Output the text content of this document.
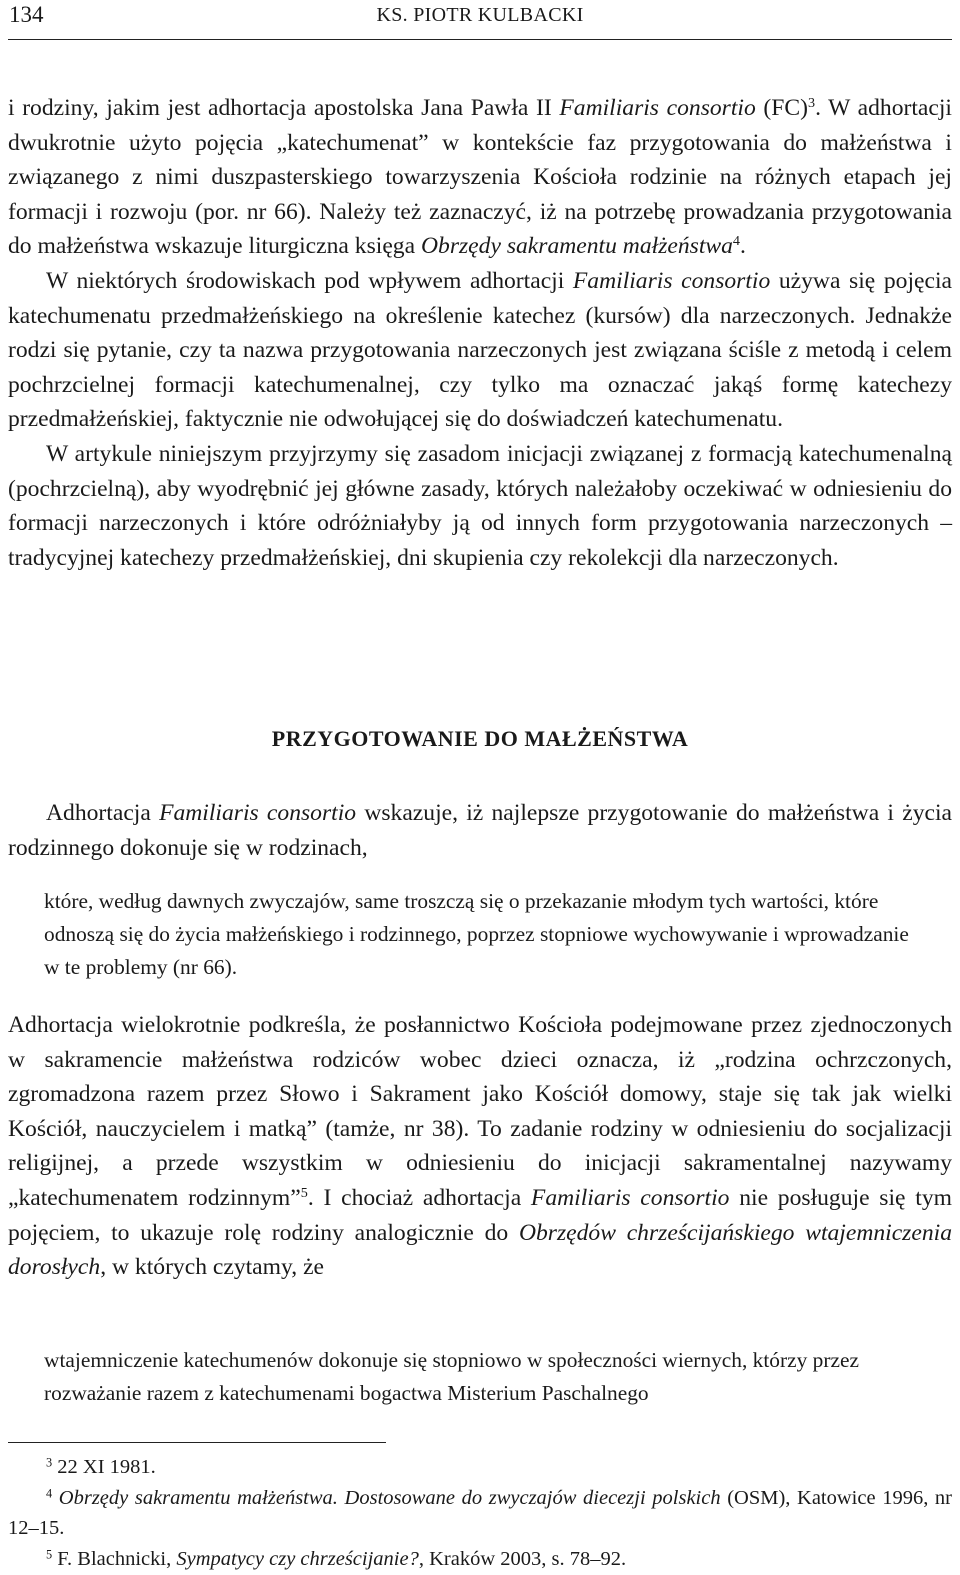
134	KS. PIOTR KULBACKI

i rodziny, jakim jest adhortacja apostolska Jana Pawła II Familiaris consortio (FC)$^3$. W adhortacji dwukrotnie użyto pojęcia „katechumenat” w kontekście faz przygotowania do małżeństwa i związanego z nimi duszpasterskiego towarzyszenia Kościoła rodzinie na różnych etapach jej formacji i rozwoju (por. nr 66). Należy też zaznaczyć, iż na potrzebę prowadzania przygotowania do małżeństwa wskazuje liturgiczna księga Obrzędy sakramentu małżeństwa$^4$.

W niektórych środowiskach pod wpływem adhortacji Familiaris consortio używa się pojęcia katechumenatu przedmałżeńskiego na określenie katechez (kursów) dla narzeczonych. Jednakże rodzi się pytanie, czy ta nazwa przygotowania narzeczonych jest związana ściśle z metodą i celem pochrzcielnej formacji katechumenalnej, czy tylko ma oznaczać jakąś formę katechezy przedmałżeńskiej, faktycznie nie odwołującej się do doświadczeń katechumenatu.

W artykule niniejszym przyjrzymy się zasadom inicjacji związanej z formacją katechumenalną (pochrzcielną), aby wyodrębnić jej główne zasady, których należałoby oczekiwać w odniesieniu do formacji narzeczonych i które odróżniałyby ją od innych form przygotowania narzeczonych – tradycyjnej katechezy przedmałżeńskiej, dni skupienia czy rekolekcji dla narzeczonych.

PRZYGOTOWANIE DO MAŁŻEŃSTWA

Adhortacja Familiaris consortio wskazuje, iż najlepsze przygotowanie do małżeństwa i życia rodzinnego dokonuje się w rodzinach,

które, według dawnych zwyczajów, same troszczą się o przekazanie młodym tych wartości, które odnoszą się do życia małżeńskiego i rodzinnego, poprzez stopniowe wychowywanie i wprowadzanie w te problemy (nr 66).

Adhortacja wielokrotnie podkreśla, że posłannictwo Kościoła podejmowane przez zjednoczonych w sakramencie małżeństwa rodziców wobec dzieci oznacza, iż „rodzina ochrzczonych, zgromadzona razem przez Słowo i Sakrament jako Kościół domowy, staje się tak jak wielki Kościół, nauczycielem i matką” (tamże, nr 38). To zadanie rodziny w odniesieniu do socjalizacji religijnej, a przede wszystkim w odniesieniu do inicjacji sakramentalnej nazywamy „katechumenatem rodzinnym”$^5$. I chociaż adhortacja Familiaris consortio nie posługuje się tym pojęciem, to ukazuje rolę rodziny analogicznie do Obrzędów chrześcijańskiego wtajemniczenia dorosłych, w których czytamy, że

wtajemniczenie katechumenów dokonuje się stopniowo w społeczności wiernych, którzy przez rozważanie razem z katechumenami bogactwa Misterium Paschalnego

$^3$ 22 XI 1981.

$^4$ Obrzędy sakramentu małżeństwa. Dostosowane do zwyczajów diecezji polskich (OSM), Katowice 1996, nr 12–15.

$^5$ F. Blachnicki, Sympatycy czy chrześcijanie?, Kraków 2003, s. 78–92.
